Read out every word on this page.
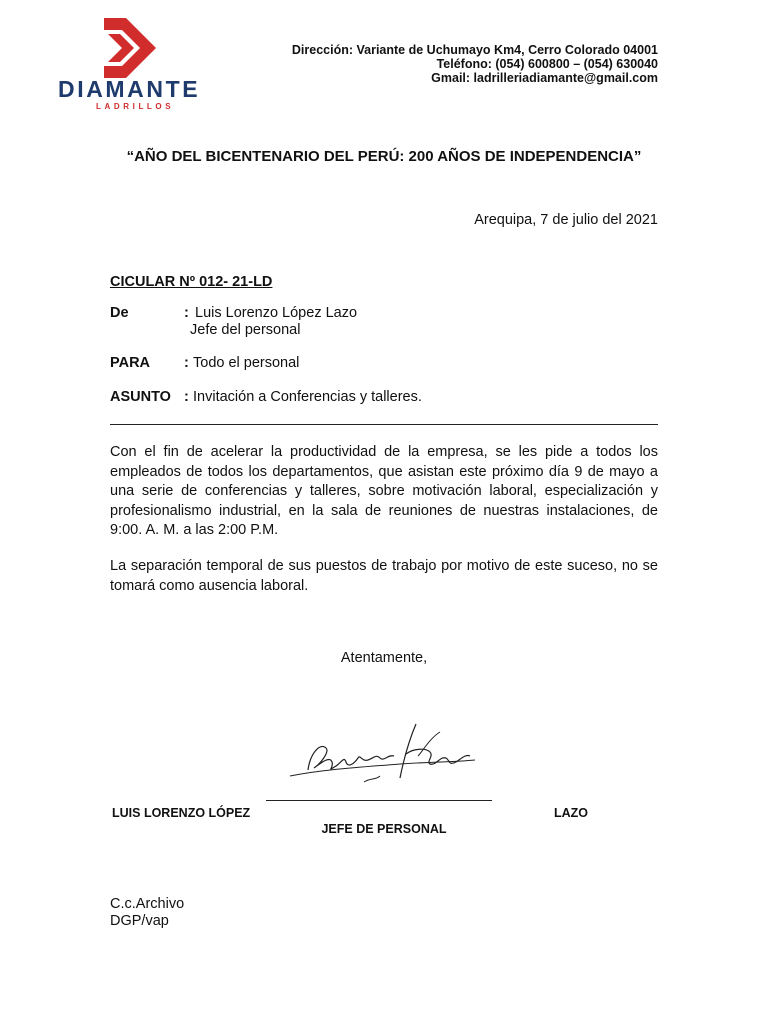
DIAMANTE
LADRILLOS
Dirección: Variante de Uchumayo Km4, Cerro Colorado 04001
Teléfono: (054) 600800 – (054) 630040
Gmail: ladrilleriadiamante@gmail.com
“AÑO DEL BICENTENARIO DEL PERÚ: 200 AÑOS DE INDEPENDENCIA”
Arequipa, 7 de julio del 2021
CICULAR Nº 012- 21-LD
De	: Luis Lorenzo López Lazo
Jefe del personal
PARA : Todo el personal
ASUNTO : Invitación a Conferencias y talleres.
Con el fin de acelerar la productividad de la empresa, se les pide a todos los empleados de todos los departamentos, que asistan este próximo día 9 de mayo a una serie de conferencias y talleres, sobre motivación laboral, especialización y profesionalismo industrial, en la sala de reuniones de nuestras instalaciones, de 9:00. A. M. a las 2:00 P.M.
La separación temporal de sus puestos de trabajo por motivo de este suceso, no se tomará como ausencia laboral.
Atentamente,
LUIS LORENZO LÓPEZ	LAZO
JEFE DE PERSONAL
C.c.Archivo
DGP/vap
